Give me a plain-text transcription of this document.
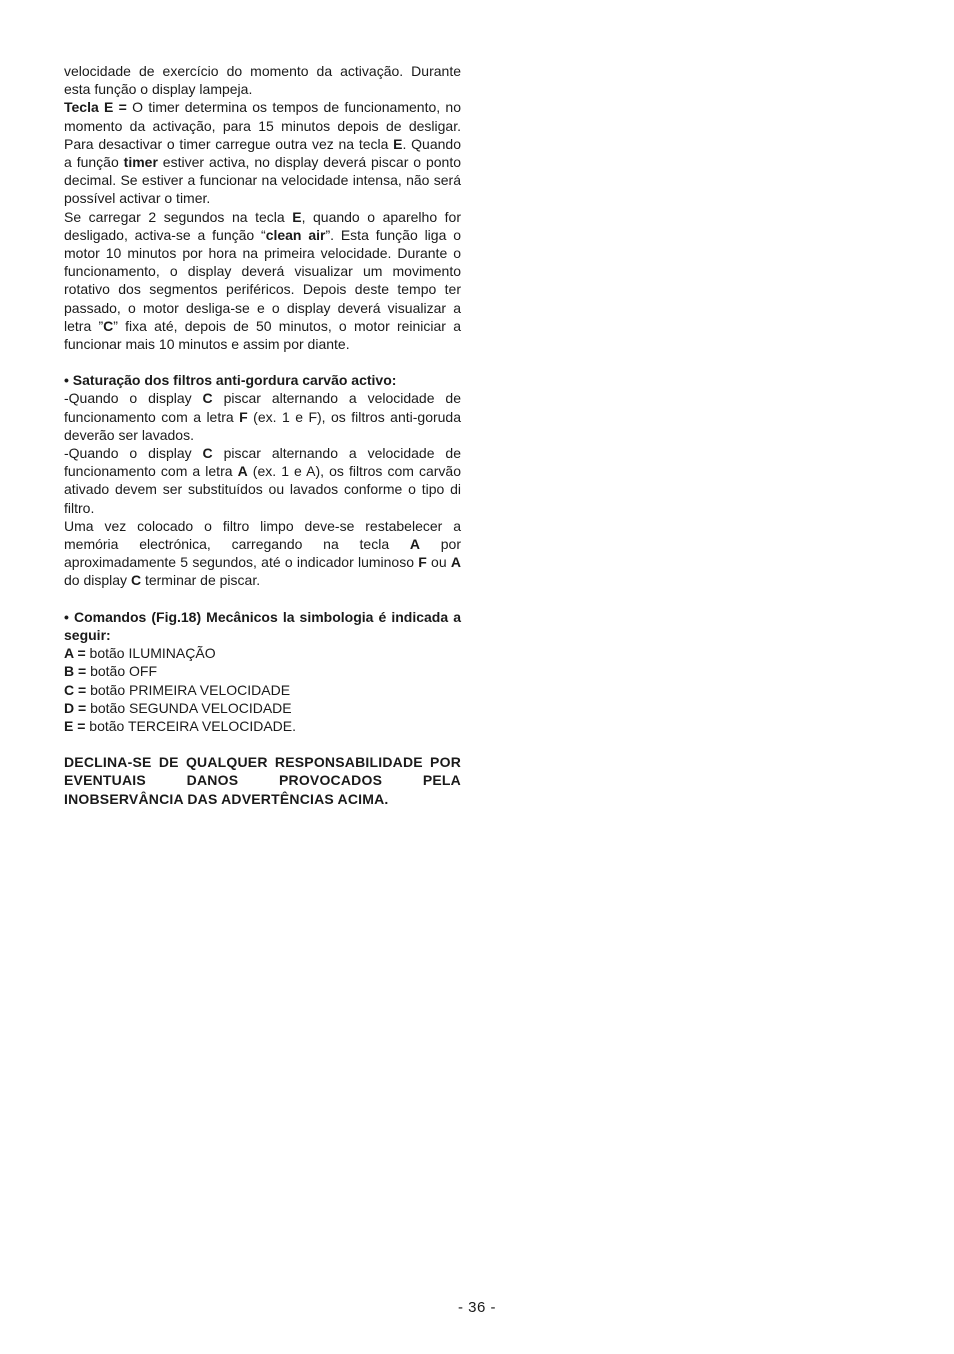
velocidade de exercício do momento da activação. Durante esta função o display lampeja.

Tecla E = O timer determina os tempos de funcionamento, no momento da activação, para 15 minutos depois de desligar. Para desactivar o timer carregue outra vez na tecla E. Quando a função timer estiver activa, no display deverá piscar o ponto decimal. Se estiver a funcionar na velocidade intensa, não será possível activar o timer.

Se carregar 2 segundos na tecla E, quando o aparelho for desligado, activa-se a função “clean air”. Esta função liga o motor 10 minutos por hora na primeira velocidade. Durante o funcionamento, o display deverá visualizar um movimento rotativo dos segmentos periféricos. Depois deste tempo ter passado, o motor desliga-se e o display deverá visualizar a letra ”C” fixa até, depois de 50 minutos, o motor reiniciar a funcionar mais 10 minutos e assim por diante.

• Saturação dos filtros anti-gordura carvão activo:

-Quando o display C piscar alternando a velocidade de funcionamento com a letra F (ex. 1 e F), os filtros anti-goruda deverão ser lavados.

-Quando o display C piscar alternando a velocidade de funcionamento com a letra A (ex. 1 e A), os filtros com carvão ativado devem ser substituídos ou lavados conforme o tipo di filtro.

Uma vez colocado o filtro limpo deve-se restabelecer a memória electrónica, carregando na tecla A por aproximadamente 5 segundos, até o indicador luminoso F ou A do display C terminar de piscar.

• Comandos (Fig.18) Mecânicos la simbologia é indicada a seguir:

A = botão ILUMINAÇÃO

B = botão OFF

C = botão PRIMEIRA VELOCIDADE

D = botão SEGUNDA VELOCIDADE

E = botão TERCEIRA VELOCIDADE.

DECLINA-SE DE QUALQUER RESPONSABILIDADE POR EVENTUAIS DANOS PROVOCADOS PELA INOBSERVÂNCIA DAS ADVERTÊNCIAS ACIMA.

- 36 -
